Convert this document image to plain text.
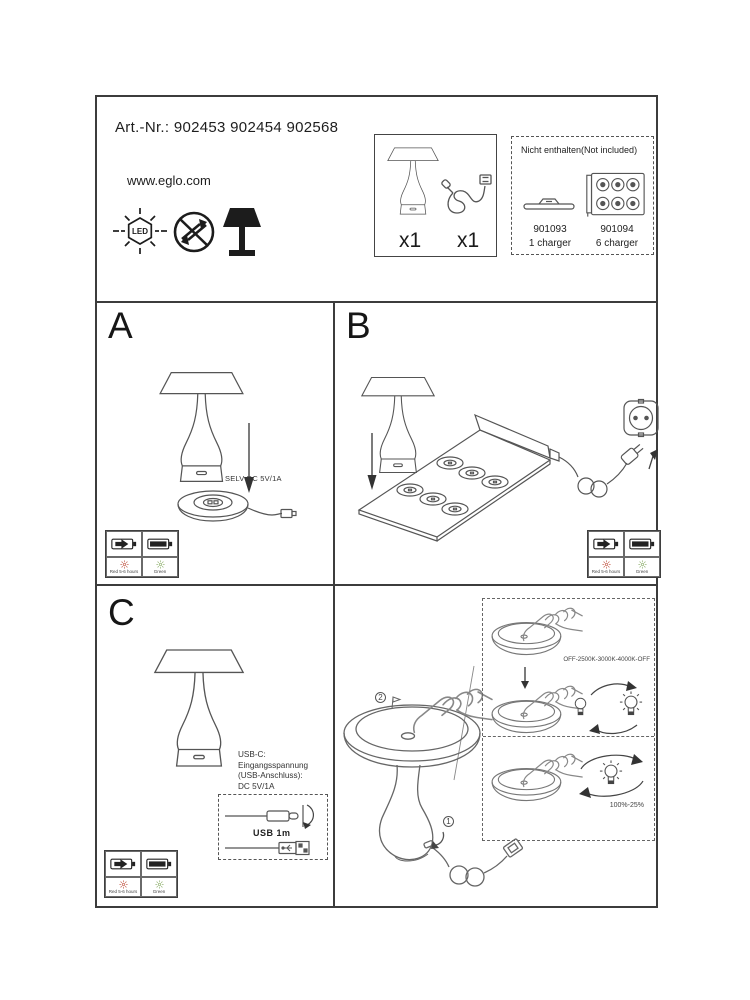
Art.-Nr.: 902453 902454 902568
www.eglo.com
LED	x1 x1
Nicht enthalten(Not included)
901093
1 charger
901094
6 charger
A
SELV DC 5V/1A
Red 5-6 hours	Green
B
Red 5-6 hours	Green
C
USB-C:
Eingangsspannung
(USB-Anschluss):
DC 5V/1A
USB 1m
Red 5-6 hours	Green
2
1
OFF-2500K-3000K-4000K-OFF
100%-25%
